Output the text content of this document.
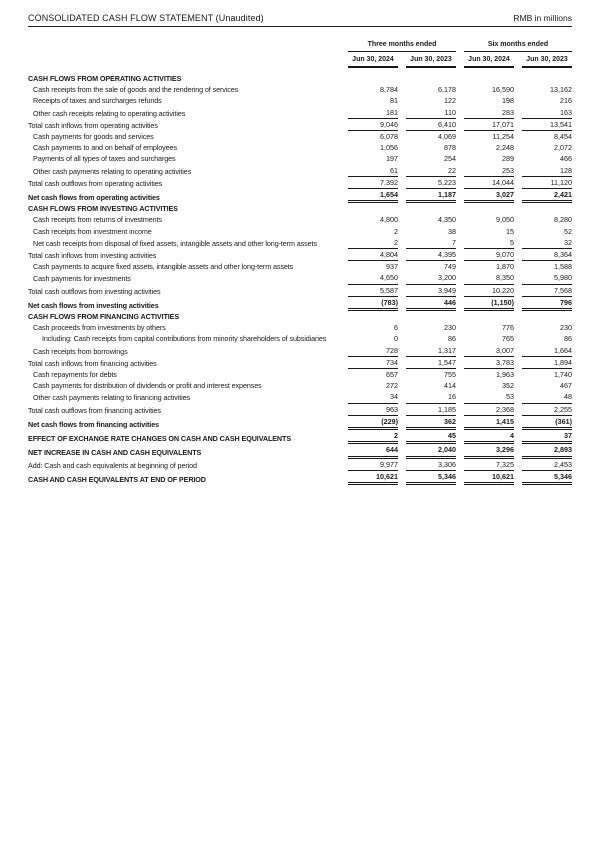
CONSOLIDATED CASH FLOW STATEMENT (Unaudited)	RMB in millions

	Three months ended		Six months ended	

	Jun 30, 2024	Jun 30, 2023	Jun 30, 2024	Jun 30, 2023

CASH FLOWS FROM OPERATING ACTIVITIES	

Cash receipts from the sale of goods and the rendering of services	8,784	6,178	16,590	13,162

Receipts of taxes and surcharges refunds	81	122	198	216

Other cash receipts relating to operating activities	181	110	283	163

Total cash inflows from operating activities	9,046	6,410	17,071	13,541

Cash payments for goods and services	6,078	4,069	11,254	8,454

Cash payments to and on behalf of employees	1,056	878	2,248	2,072

Payments of all types of taxes and surcharges	197	254	289	466

Other cash payments relating to operating activities	61	22	253	128

Total cash outflows from operating activities	7,392	5,223	14,044	11,120

Net cash flows from operating activities	1,654	1,187	3,027	2,421

CASH FLOWS FROM INVESTING ACTIVITIES	

Cash receipts from returns of investments	4,800	4,350	9,050	8,280

Cash receipts from investment income	2	38	15	52

Net cash receipts from disposal of fixed assets, intangible assets and other long-term assets	2	7	5	32

Total cash inflows from investing activities	4,804	4,395	9,070	8,364

Cash payments to acquire fixed assets, intangible assets and other long-term assets	937	749	1,870	1,588

Cash payments for investments	4,650	3,200	8,350	5,980

Total cash outflows from investing activities	5,587	3,949	10,220	7,568

Net cash flows from investing activities	(783)	446	(1,150)	796

CASH FLOWS FROM FINANCING ACTIVITIES	

Cash proceeds from investments by others	6	230	776	230

Including: Cash receipts from capital contributions from minority shareholders of subsidiaries	0	86	765	86

Cash receipts from borrowings	728	1,317	3,007	1,664

Total cash inflows from financing activities	734	1,547	3,783	1,894

Cash repayments for debts	657	755	1,963	1,740

Cash payments for distribution of dividends or profit and interest expenses	272	414	352	467

Other cash payments relating to financing activities	34	16	53	48

Total cash outflows from financing activities	963	1,185	2,368	2,255

Net cash flows from financing activities	(229)	362	1,415	(361)

EFFECT OF EXCHANGE RATE CHANGES ON CASH AND CASH EQUIVALENTS	2	45	4	37

NET INCREASE IN CASH AND CASH EQUIVALENTS	644	2,040	3,296	2,893

Add: Cash and cash equivalents at beginning of period	9,977	3,306	7,325	2,453

CASH AND CASH EQUIVALENTS AT END OF PERIOD	10,621	5,346	10,621	5,346
